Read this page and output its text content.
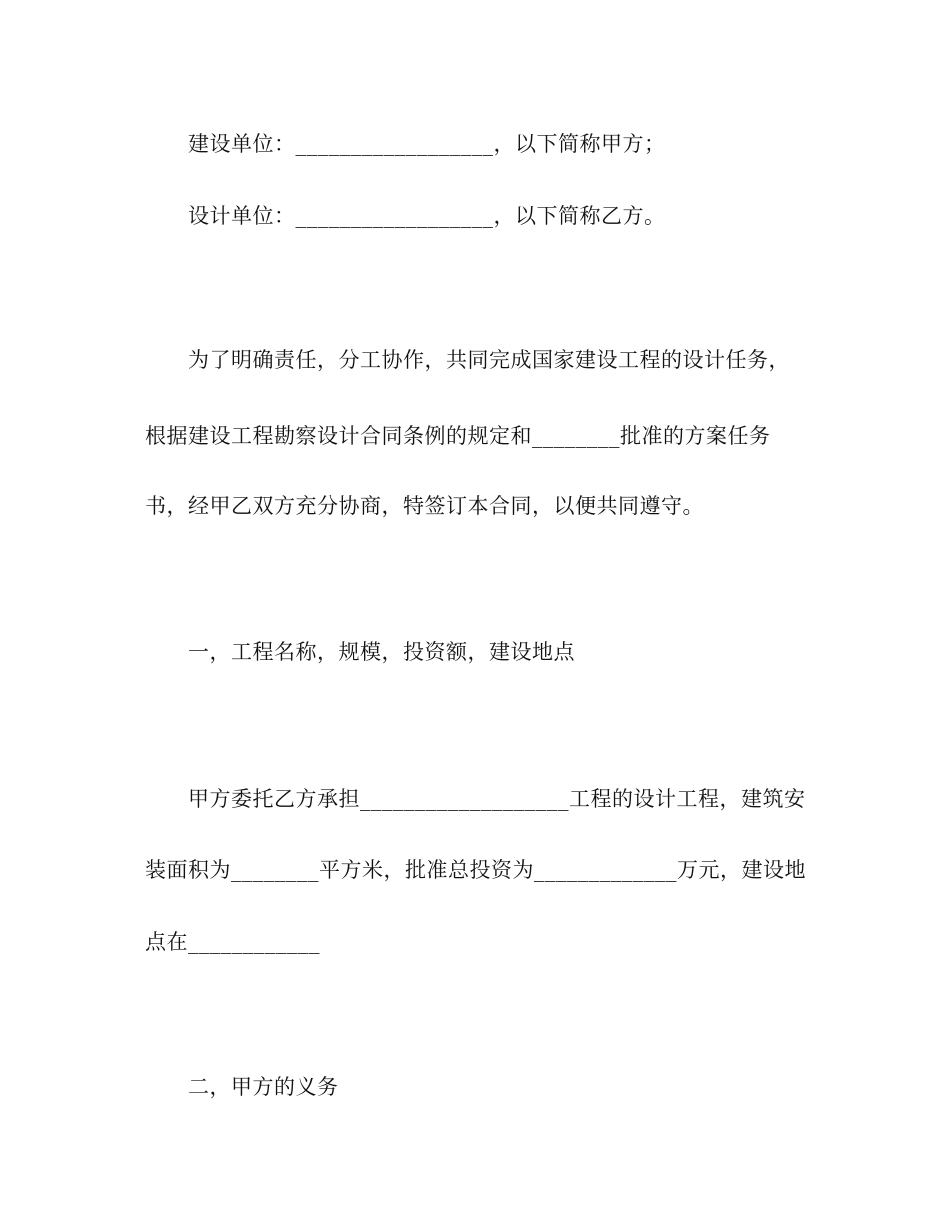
建设单位：__________________，以下简称甲方；
设计单位：__________________，以下简称乙方。
为了明确责任，分工协作，共同完成国家建设工程的设计任务，
根据建设工程勘察设计合同条例的规定和________批准的方案任务
书，经甲乙双方充分协商，特签订本合同，以便共同遵守。
一，工程名称，规模，投资额，建设地点
甲方委托乙方承担___________________工程的设计工程，建筑安
装面积为________平方米，批准总投资为_____________万元，建设地
点在____________
二，甲方的义务
